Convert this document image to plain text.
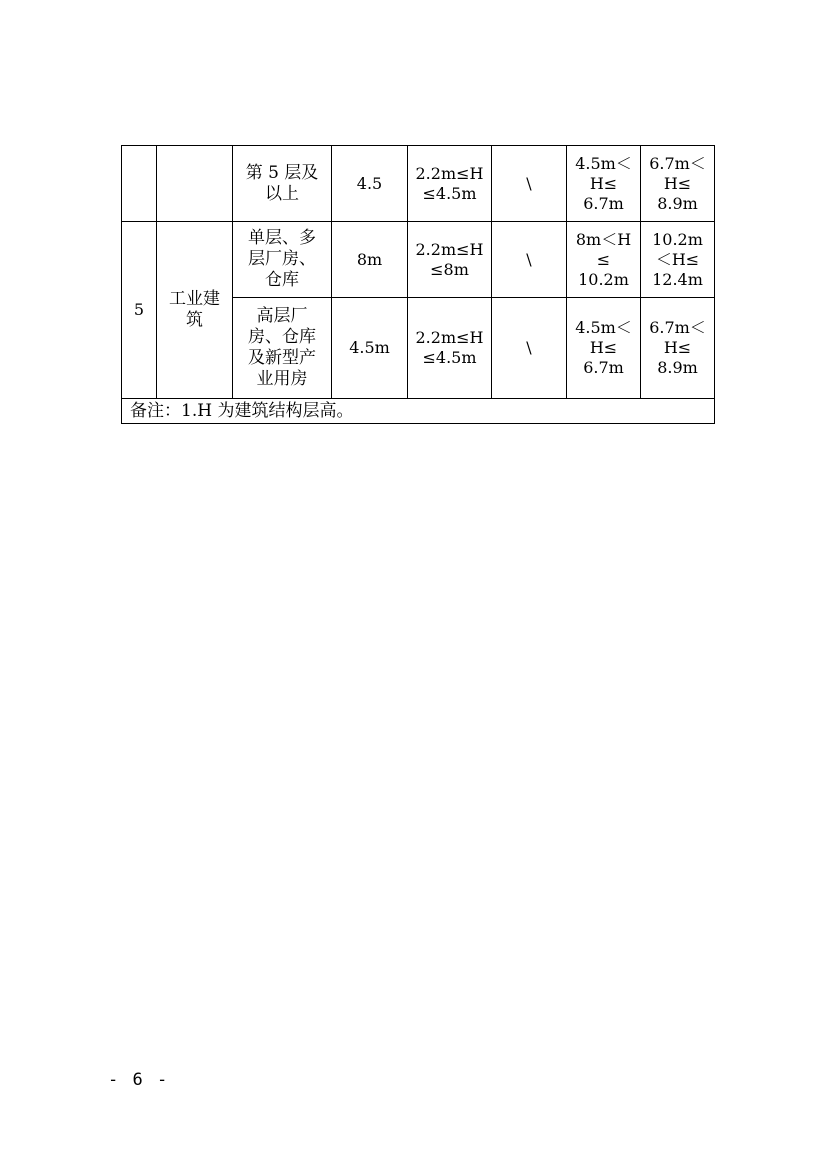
		第 5 层及
以上	4.5	2.2m≤H
≤4.5m	\	4.5m＜
H≤
6.7m	6.7m＜
H≤
8.9m

5	工业建
筑	单层、多
层厂房、
仓库	8m	2.2m≤H
≤8m	\	8m＜H
≤
10.2m	10.2m
＜H≤
12.4m

		高层厂
房、仓库
及新型产
业用房	4.5m	2.2m≤H
≤4.5m	\	4.5m＜
H≤
6.7m	6.7m＜
H≤
8.9m

备注：1.H 为建筑结构层高。							
- 6 -
